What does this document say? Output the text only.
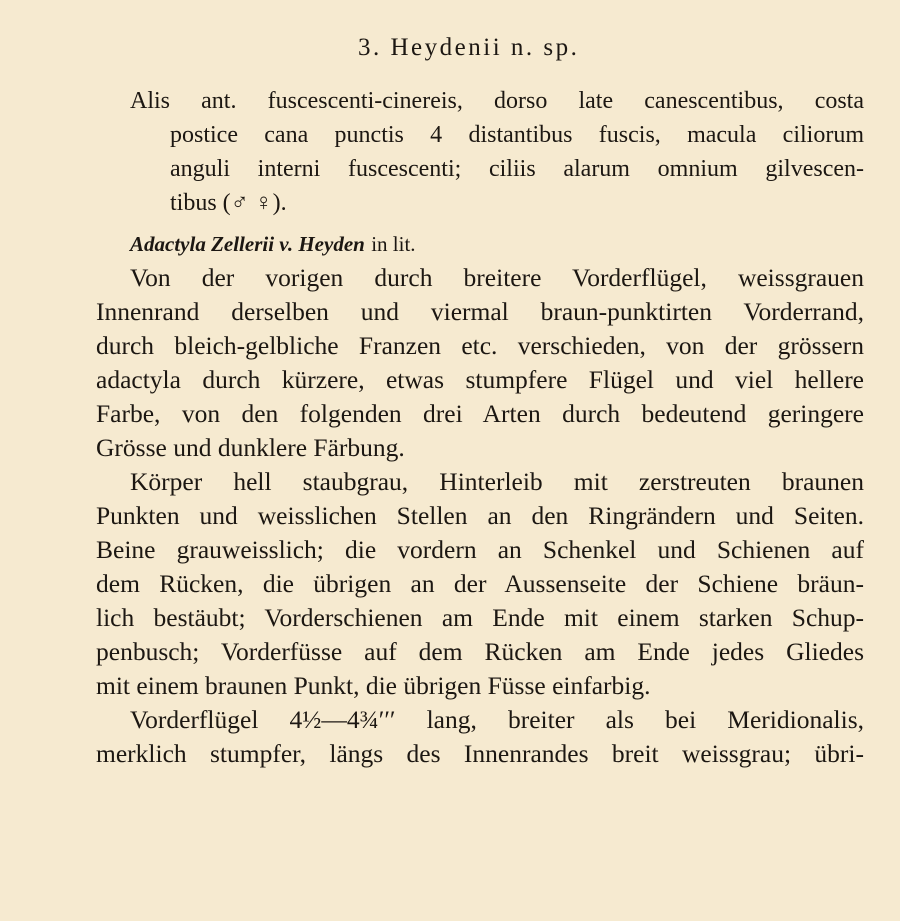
3. Heydenii n. sp.
Alis ant. fuscescenti-cinereis, dorso late canescentibus, costa
postice cana punctis 4 distantibus fuscis, macula ciliorum
anguli interni fuscescenti; ciliis alarum omnium gilvescen-
tibus (♂ ♀).
Adactyla Zellerii v. Heyden in lit.
Von der vorigen durch breitere Vorderflügel, weissgrauen
Innenrand derselben und viermal braun-punktirten Vorderrand,
durch bleich-gelbliche Franzen etc. verschieden, von der grössern
adactyla durch kürzere, etwas stumpfere Flügel und viel hellere
Farbe, von den folgenden drei Arten durch bedeutend geringere
Grösse und dunklere Färbung.
Körper hell staubgrau, Hinterleib mit zerstreuten braunen
Punkten und weisslichen Stellen an den Ringrändern und Seiten.
Beine grauweisslich; die vordern an Schenkel und Schienen auf
dem Rücken, die übrigen an der Aussenseite der Schiene bräun-
lich bestäubt; Vorderschienen am Ende mit einem starken Schup-
penbusch; Vorderfüsse auf dem Rücken am Ende jedes Gliedes
mit einem braunen Punkt, die übrigen Füsse einfarbig.
Vorderflügel 4½—4¾′′′ lang, breiter als bei Meridionalis,
merklich stumpfer, längs des Innenrandes breit weissgrau; übri-
